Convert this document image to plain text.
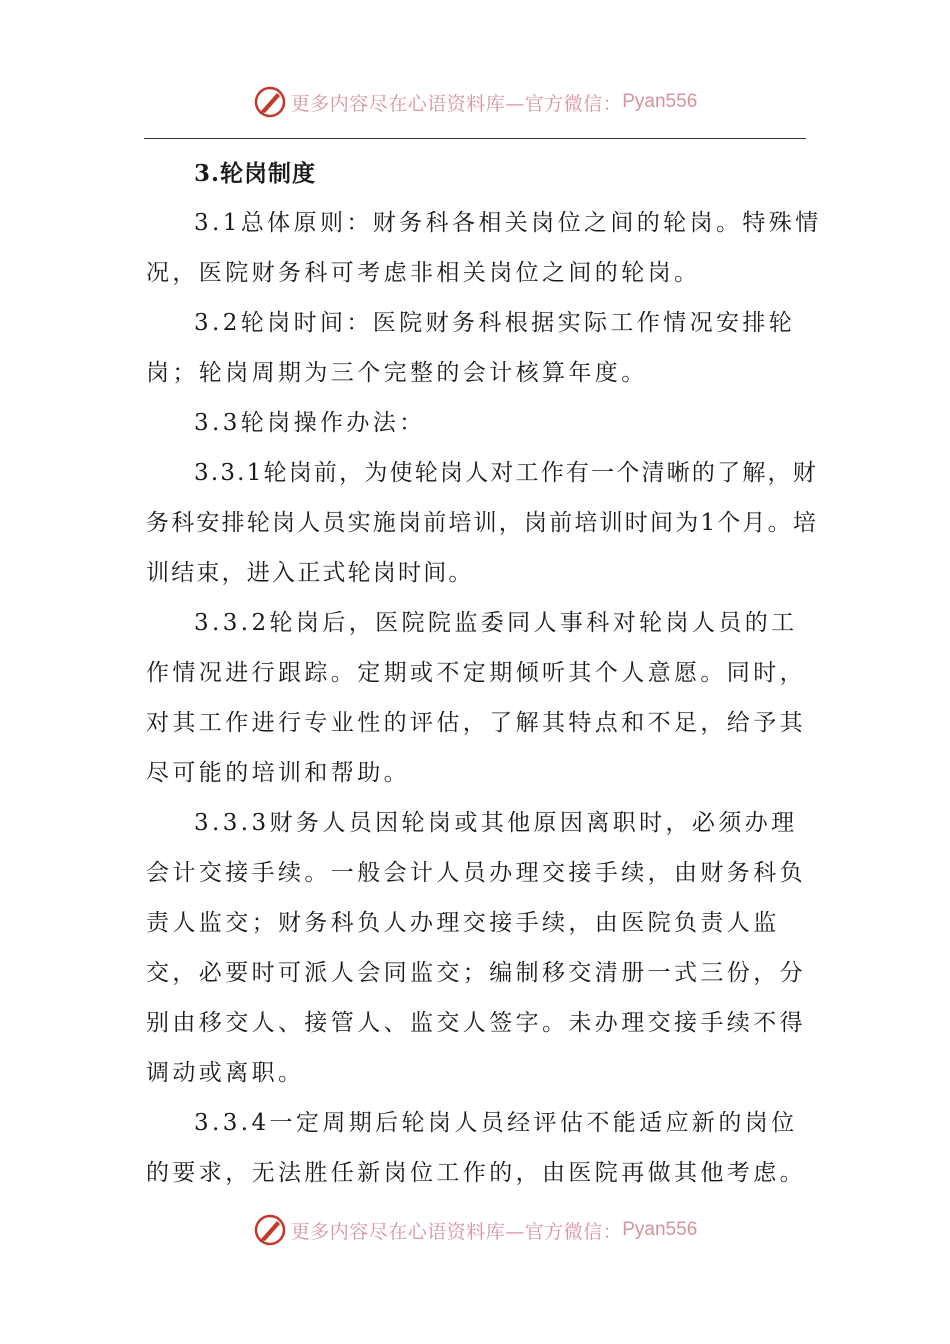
更多内容尽在心语资料库—官方微信： Pyan556
3.轮岗制度

3.1总体原则：财务科各相关岗位之间的轮岗。特殊情况，医院财务科可考虑非相关岗位之间的轮岗。

3.2轮岗时间：医院财务科根据实际工作情况安排轮岗；轮岗周期为三个完整的会计核算年度。

3.3轮岗操作办法：

3.3.1轮岗前，为使轮岗人对工作有一个清晰的了解，财务科安排轮岗人员实施岗前培训，岗前培训时间为1个月。培训结束，进入正式轮岗时间。

3.3.2轮岗后，医院院监委同人事科对轮岗人员的工作情况进行跟踪。定期或不定期倾听其个人意愿。同时，对其工作进行专业性的评估，了解其特点和不足，给予其尽可能的培训和帮助。

3.3.3财务人员因轮岗或其他原因离职时，必须办理会计交接手续。一般会计人员办理交接手续，由财务科负责人监交；财务科负人办理交接手续，由医院负责人监交，必要时可派人会同监交；编制移交清册一式三份，分别由移交人、接管人、监交人签字。未办理交接手续不得调动或离职。

3.3.4一定周期后轮岗人员经评估不能适应新的岗位的要求，无法胜任新岗位工作的，由医院再做其他考虑。

更多内容尽在心语资料库—官方微信： Pyan556
